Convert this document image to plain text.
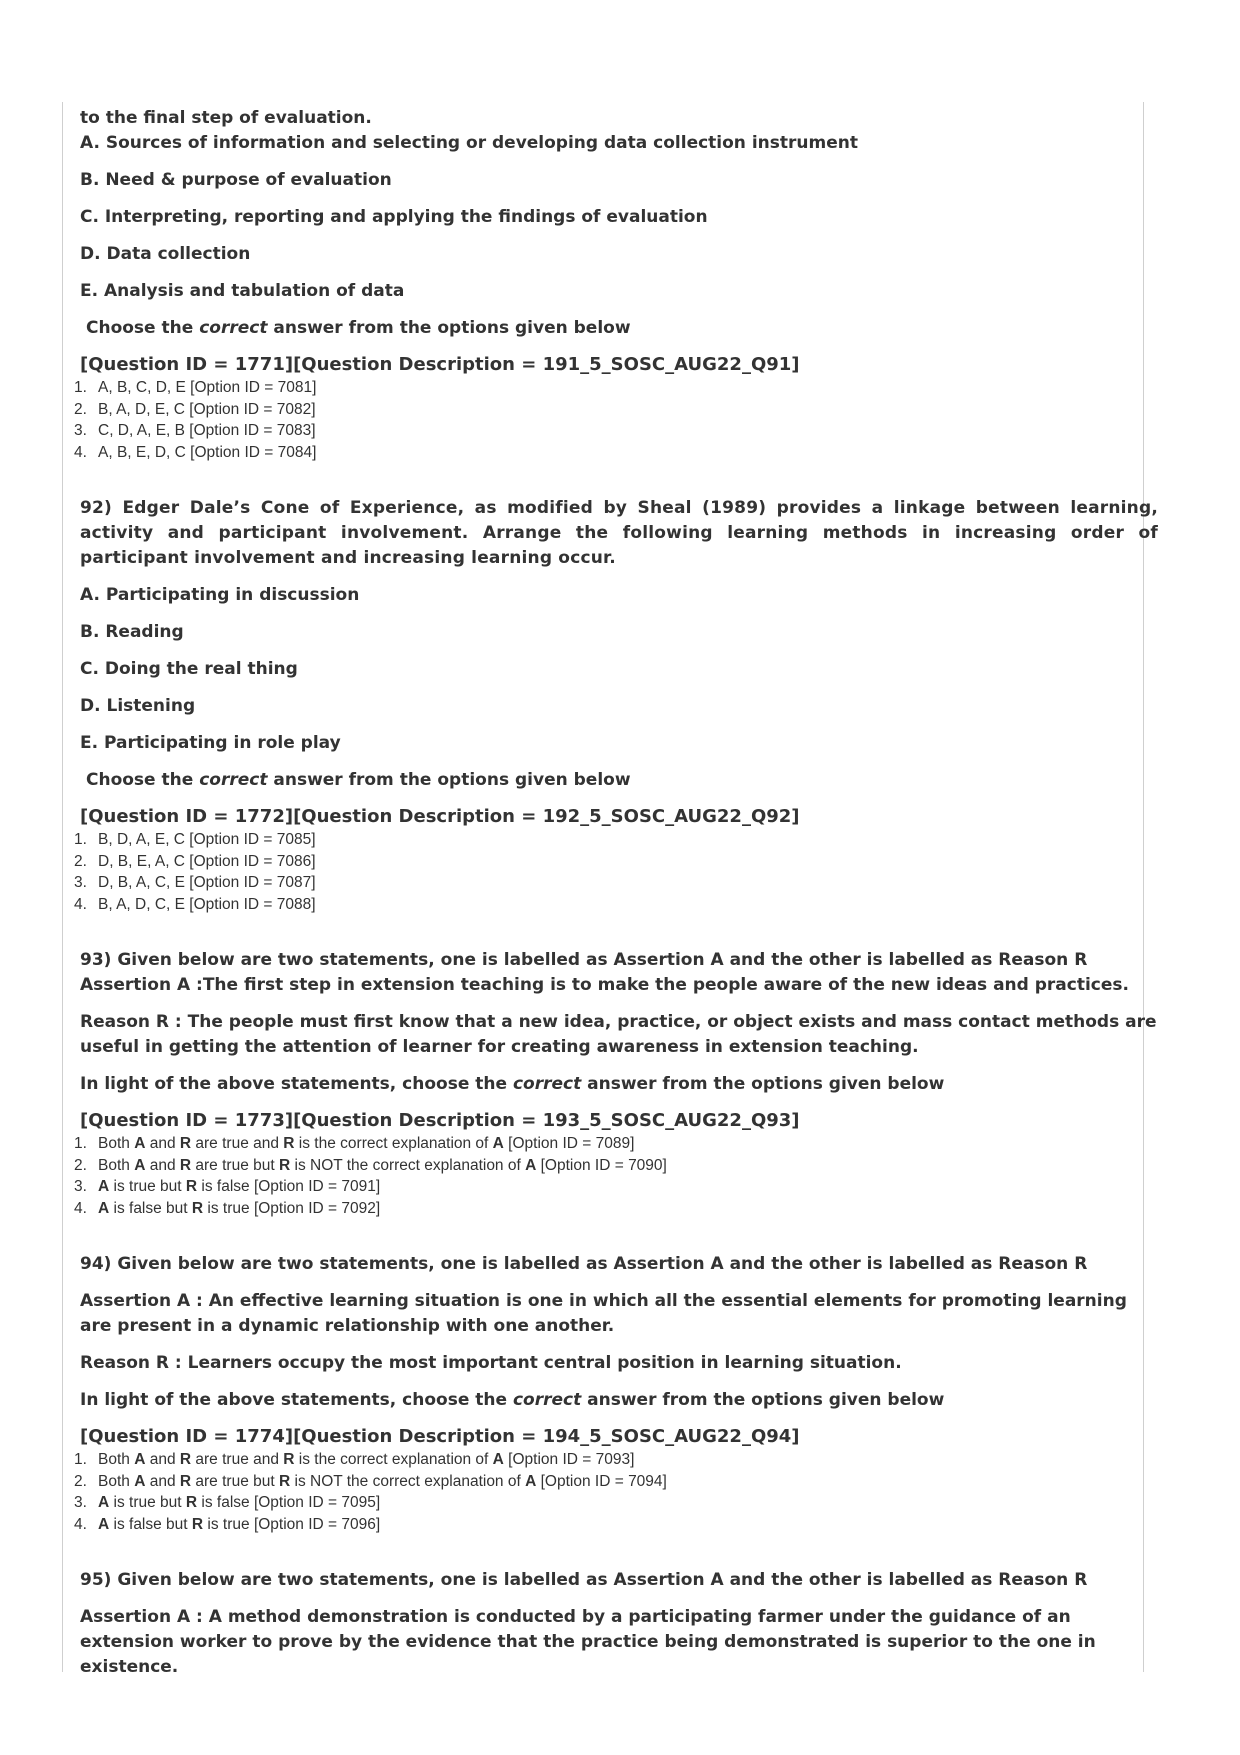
to the final step of evaluation.

A. Sources of information and selecting or developing data collection instrument

B. Need & purpose of evaluation

C. Interpreting, reporting and applying the findings of evaluation

D. Data collection

E. Analysis and tabulation of data

Choose the correct answer from the options given below

[Question ID = 1771][Question Description = 191_5_SOSC_AUG22_Q91]

1. A, B, C, D, E [Option ID = 7081]
2. B, A, D, E, C [Option ID = 7082]
3. C, D, A, E, B [Option ID = 7083]
4. A, B, E, D, C [Option ID = 7084]

92) Edger Dale’s Cone of Experience, as modified by Sheal (1989) provides a linkage between learning, activity and participant involvement. Arrange the following learning methods in increasing order of participant involvement and increasing learning occur.

A. Participating in discussion

B. Reading

C. Doing the real thing

D. Listening

E. Participating in role play

Choose the correct answer from the options given below

[Question ID = 1772][Question Description = 192_5_SOSC_AUG22_Q92]

1. B, D, A, E, C [Option ID = 7085]
2. D, B, E, A, C [Option ID = 7086]
3. D, B, A, C, E [Option ID = 7087]
4. B, A, D, C, E [Option ID = 7088]

93) Given below are two statements, one is labelled as Assertion A and the other is labelled as Reason R

Assertion A :The first step in extension teaching is to make the people aware of the new ideas and practices.

Reason R : The people must first know that a new idea, practice, or object exists and mass contact methods are useful in getting the attention of learner for creating awareness in extension teaching.

In light of the above statements, choose the correct answer from the options given below

[Question ID = 1773][Question Description = 193_5_SOSC_AUG22_Q93]

1. Both A and R are true and R is the correct explanation of A [Option ID = 7089]
2. Both A and R are true but R is NOT the correct explanation of A [Option ID = 7090]
3. A is true but R is false [Option ID = 7091]
4. A is false but R is true [Option ID = 7092]

94) Given below are two statements, one is labelled as Assertion A and the other is labelled as Reason R

Assertion A : An effective learning situation is one in which all the essential elements for promoting learning are present in a dynamic relationship with one another.

Reason R : Learners occupy the most important central position in learning situation.

In light of the above statements, choose the correct answer from the options given below

[Question ID = 1774][Question Description = 194_5_SOSC_AUG22_Q94]

1. Both A and R are true and R is the correct explanation of A [Option ID = 7093]
2. Both A and R are true but R is NOT the correct explanation of A [Option ID = 7094]
3. A is true but R is false [Option ID = 7095]
4. A is false but R is true [Option ID = 7096]

95) Given below are two statements, one is labelled as Assertion A and the other is labelled as Reason R

Assertion A : A method demonstration is conducted by a participating farmer under the guidance of an extension worker to prove by the evidence that the practice being demonstrated is superior to the one in existence.
